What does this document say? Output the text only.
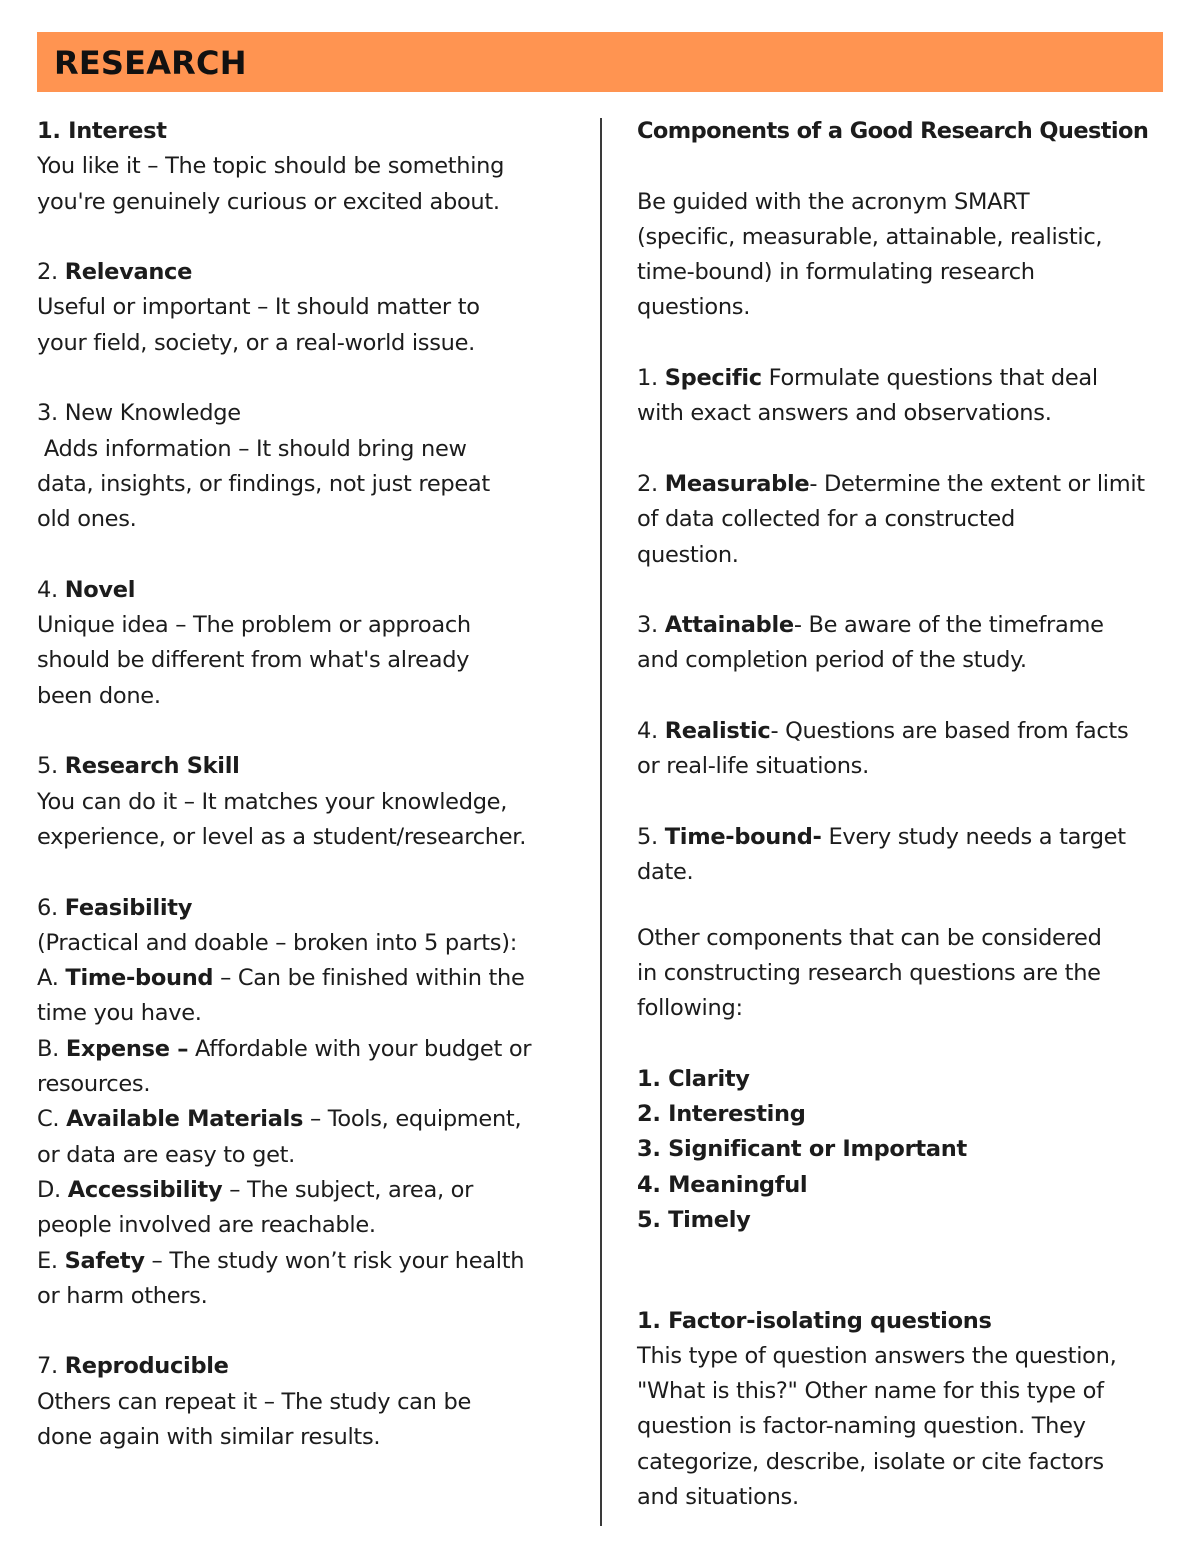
RESEARCH
1. Interest
You like it – The topic should be something
you're genuinely curious or excited about.
2. Relevance
Useful or important – It should matter to
your field, society, or a real-world issue.
3. New Knowledge
Adds information – It should bring new
data, insights, or findings, not just repeat
old ones.
4. Novel
Unique idea – The problem or approach
should be different from what's already
been done.
5. Research Skill
You can do it – It matches your knowledge,
experience, or level as a student/researcher.
6. Feasibility
(Practical and doable – broken into 5 parts):
A. Time-bound – Can be finished within the
time you have.
B. Expense – Affordable with your budget or
resources.
C. Available Materials – Tools, equipment,
or data are easy to get.
D. Accessibility – The subject, area, or
people involved are reachable.
E. Safety – The study won’t risk your health
or harm others.
7. Reproducible
Others can repeat it – The study can be
done again with similar results.
Components of a Good Research Question
Be guided with the acronym SMART
(specific, measurable, attainable, realistic,
time-bound) in formulating research
questions.
1. Specific Formulate questions that deal
with exact answers and observations.
2. Measurable- Determine the extent or limit
of data collected for a constructed
question.
3. Attainable- Be aware of the timeframe
and completion period of the study.
4. Realistic- Questions are based from facts
or real-life situations.
5. Time-bound- Every study needs a target
date.
Other components that can be considered
in constructing research questions are the
following:
1. Clarity
2. Interesting
3. Significant or Important
4. Meaningful
5. Timely
1. Factor-isolating questions
This type of question answers the question,
"What is this?" Other name for this type of
question is factor-naming question. They
categorize, describe, isolate or cite factors
and situations.
